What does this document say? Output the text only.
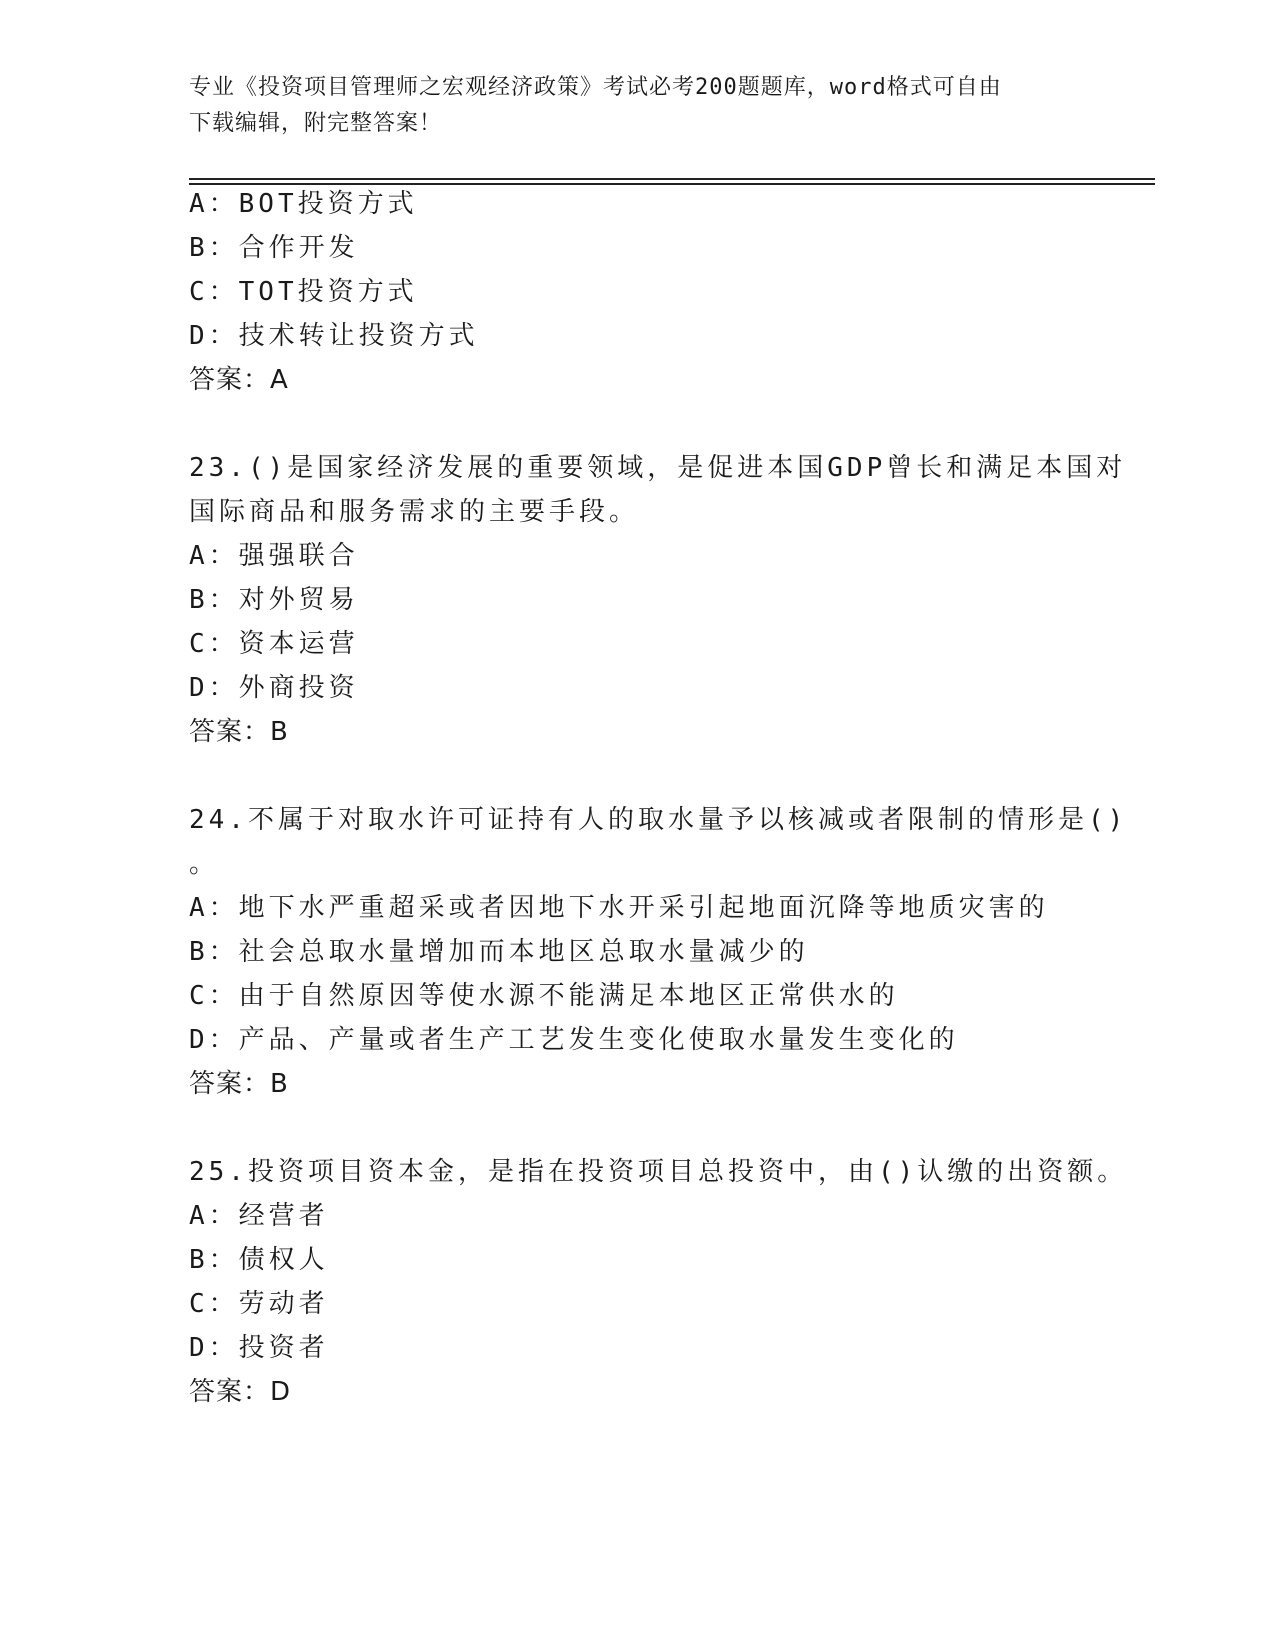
专业《投资项目管理师之宏观经济政策》考试必考200题题库，word格式可自由
下载编辑，附完整答案！
A：BOT投资方式
B：合作开发
C：TOT投资方式
D：技术转让投资方式
答案：A
23.()是国家经济发展的重要领域，是促进本国GDP曾长和满足本国对
国际商品和服务需求的主要手段。
A：强强联合
B：对外贸易
C：资本运营
D：外商投资
答案：B
24.不属于对取水许可证持有人的取水量予以核减或者限制的情形是()
。
A：地下水严重超采或者因地下水开采引起地面沉降等地质灾害的
B：社会总取水量增加而本地区总取水量减少的
C：由于自然原因等使水源不能满足本地区正常供水的
D：产品、产量或者生产工艺发生变化使取水量发生变化的
答案：B
25.投资项目资本金，是指在投资项目总投资中，由()认缴的出资额。
A：经营者
B：债权人
C：劳动者
D：投资者
答案：D
